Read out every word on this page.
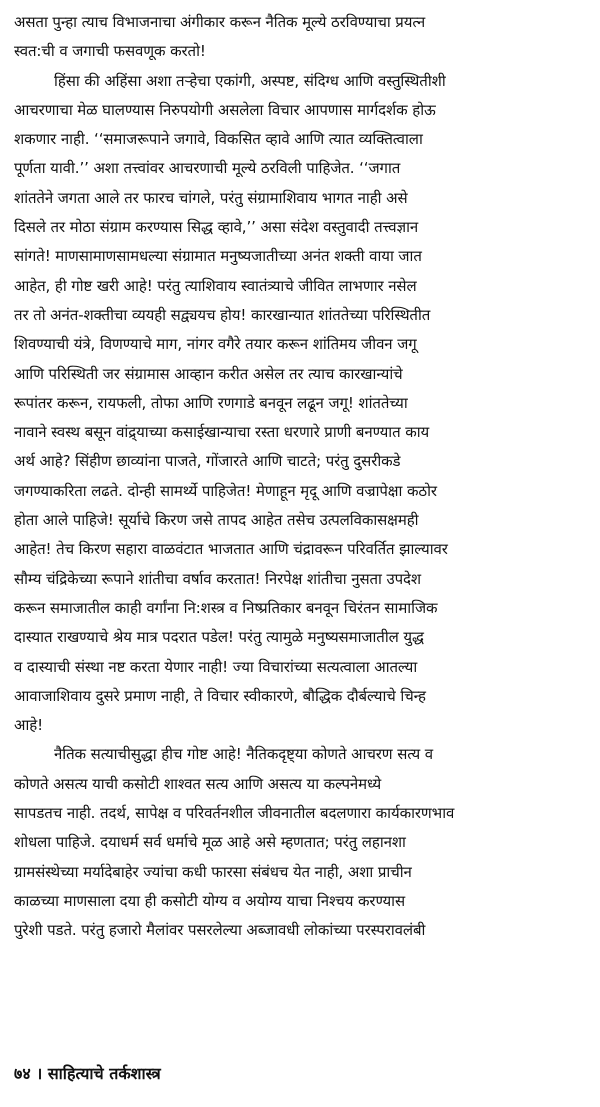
असता पुन्हा त्याच विभाजनाचा अंगीकार करून नैतिक मूल्ये ठरविण्याचा प्रयत्न
स्वत:ची व जगाची फसवणूक करतो!
हिंसा की अहिंसा अशा तऱ्हेचा एकांगी, अस्पष्ट, संदिग्ध आणि वस्तुस्थितीशी
आचरणाचा मेळ घालण्यास निरुपयोगी असलेला विचार आपणास मार्गदर्शक होऊ
शकणार नाही. ‘‘समाजरूपाने जगावे, विकसित व्हावे आणि त्यात व्यक्तित्वाला
पूर्णता यावी.’’ अशा तत्त्वांवर आचरणाची मूल्ये ठरविली पाहिजेत. ‘‘जगात
शांततेने जगता आले तर फारच चांगले, परंतु संग्रामाशिवाय भागत नाही असे
दिसले तर मोठा संग्राम करण्यास सिद्ध व्हावे,’’ असा संदेश वस्तुवादी तत्त्वज्ञान
सांगते! माणसामाणसामधल्या संग्रामात मनुष्यजातीच्या अनंत शक्ती वाया जात
आहेत, ही गोष्ट खरी आहे! परंतु त्याशिवाय स्वातंत्र्याचे जीवित लाभणार नसेल
तर तो अनंत-शक्तीचा व्ययही सद्व्ययच होय! कारखान्यात शांततेच्या परिस्थितीत
शिवण्याची यंत्रे, विणण्याचे माग, नांगर वगैरे तयार करून शांतिमय जीवन जगू
आणि परिस्थिती जर संग्रामास आव्हान करीत असेल तर त्याच कारखान्यांचे
रूपांतर करून, रायफली, तोफा आणि रणगाडे बनवून लढून जगू! शांततेच्या
नावाने स्वस्थ बसून वांद्र्याच्या कसाईखान्याचा रस्ता धरणारे प्राणी बनण्यात काय
अर्थ आहे? सिंहीण छाव्यांना पाजते, गोंजारते आणि चाटते; परंतु दुसरीकडे
जगण्याकरिता लढते. दोन्ही सामर्थ्ये पाहिजेत! मेणाहून मृदू आणि वज्रापेक्षा कठोर
होता आले पाहिजे! सूर्याचे किरण जसे तापद आहेत तसेच उत्पलविकासक्षमही
आहेत! तेच किरण सहारा वाळवंटात भाजतात आणि चंद्रावरून परिवर्तित झाल्यावर
सौम्य चंद्रिकेच्या रूपाने शांतीचा वर्षाव करतात! निरपेक्ष शांतीचा नुसता उपदेश
करून समाजातील काही वर्गांना नि:शस्त्र व निष्प्रतिकार बनवून चिरंतन सामाजिक
दास्यात राखण्याचे श्रेय मात्र पदरात पडेल! परंतु त्यामुळे मनुष्यसमाजातील युद्ध
व दास्याची संस्था नष्ट करता येणार नाही! ज्या विचारांच्या सत्यत्वाला आतल्या
आवाजाशिवाय दुसरे प्रमाण नाही, ते विचार स्वीकारणे, बौद्धिक दौर्बल्याचे चिन्ह
आहे!
नैतिक सत्याचीसुद्धा हीच गोष्ट आहे! नैतिकदृष्ट्या कोणते आचरण सत्य व
कोणते असत्य याची कसोटी शाश्वत सत्य आणि असत्य या कल्पनेमध्ये
सापडतच नाही. तदर्थ, सापेक्ष व परिवर्तनशील जीवनातील बदलणारा कार्यकारणभाव
शोधला पाहिजे. दयाधर्म सर्व धर्माचे मूळ आहे असे म्हणतात; परंतु लहानशा
ग्रामसंस्थेच्या मर्यादेबाहेर ज्यांचा कधी फारसा संबंधच येत नाही, अशा प्राचीन
काळच्या माणसाला दया ही कसोटी योग्य व अयोग्य याचा निश्चय करण्यास
पुरेशी पडते. परंतु हजारो मैलांवर पसरलेल्या अब्जावधी लोकांच्या परस्परावलंबी
७४ । साहित्याचे तर्कशास्त्र
